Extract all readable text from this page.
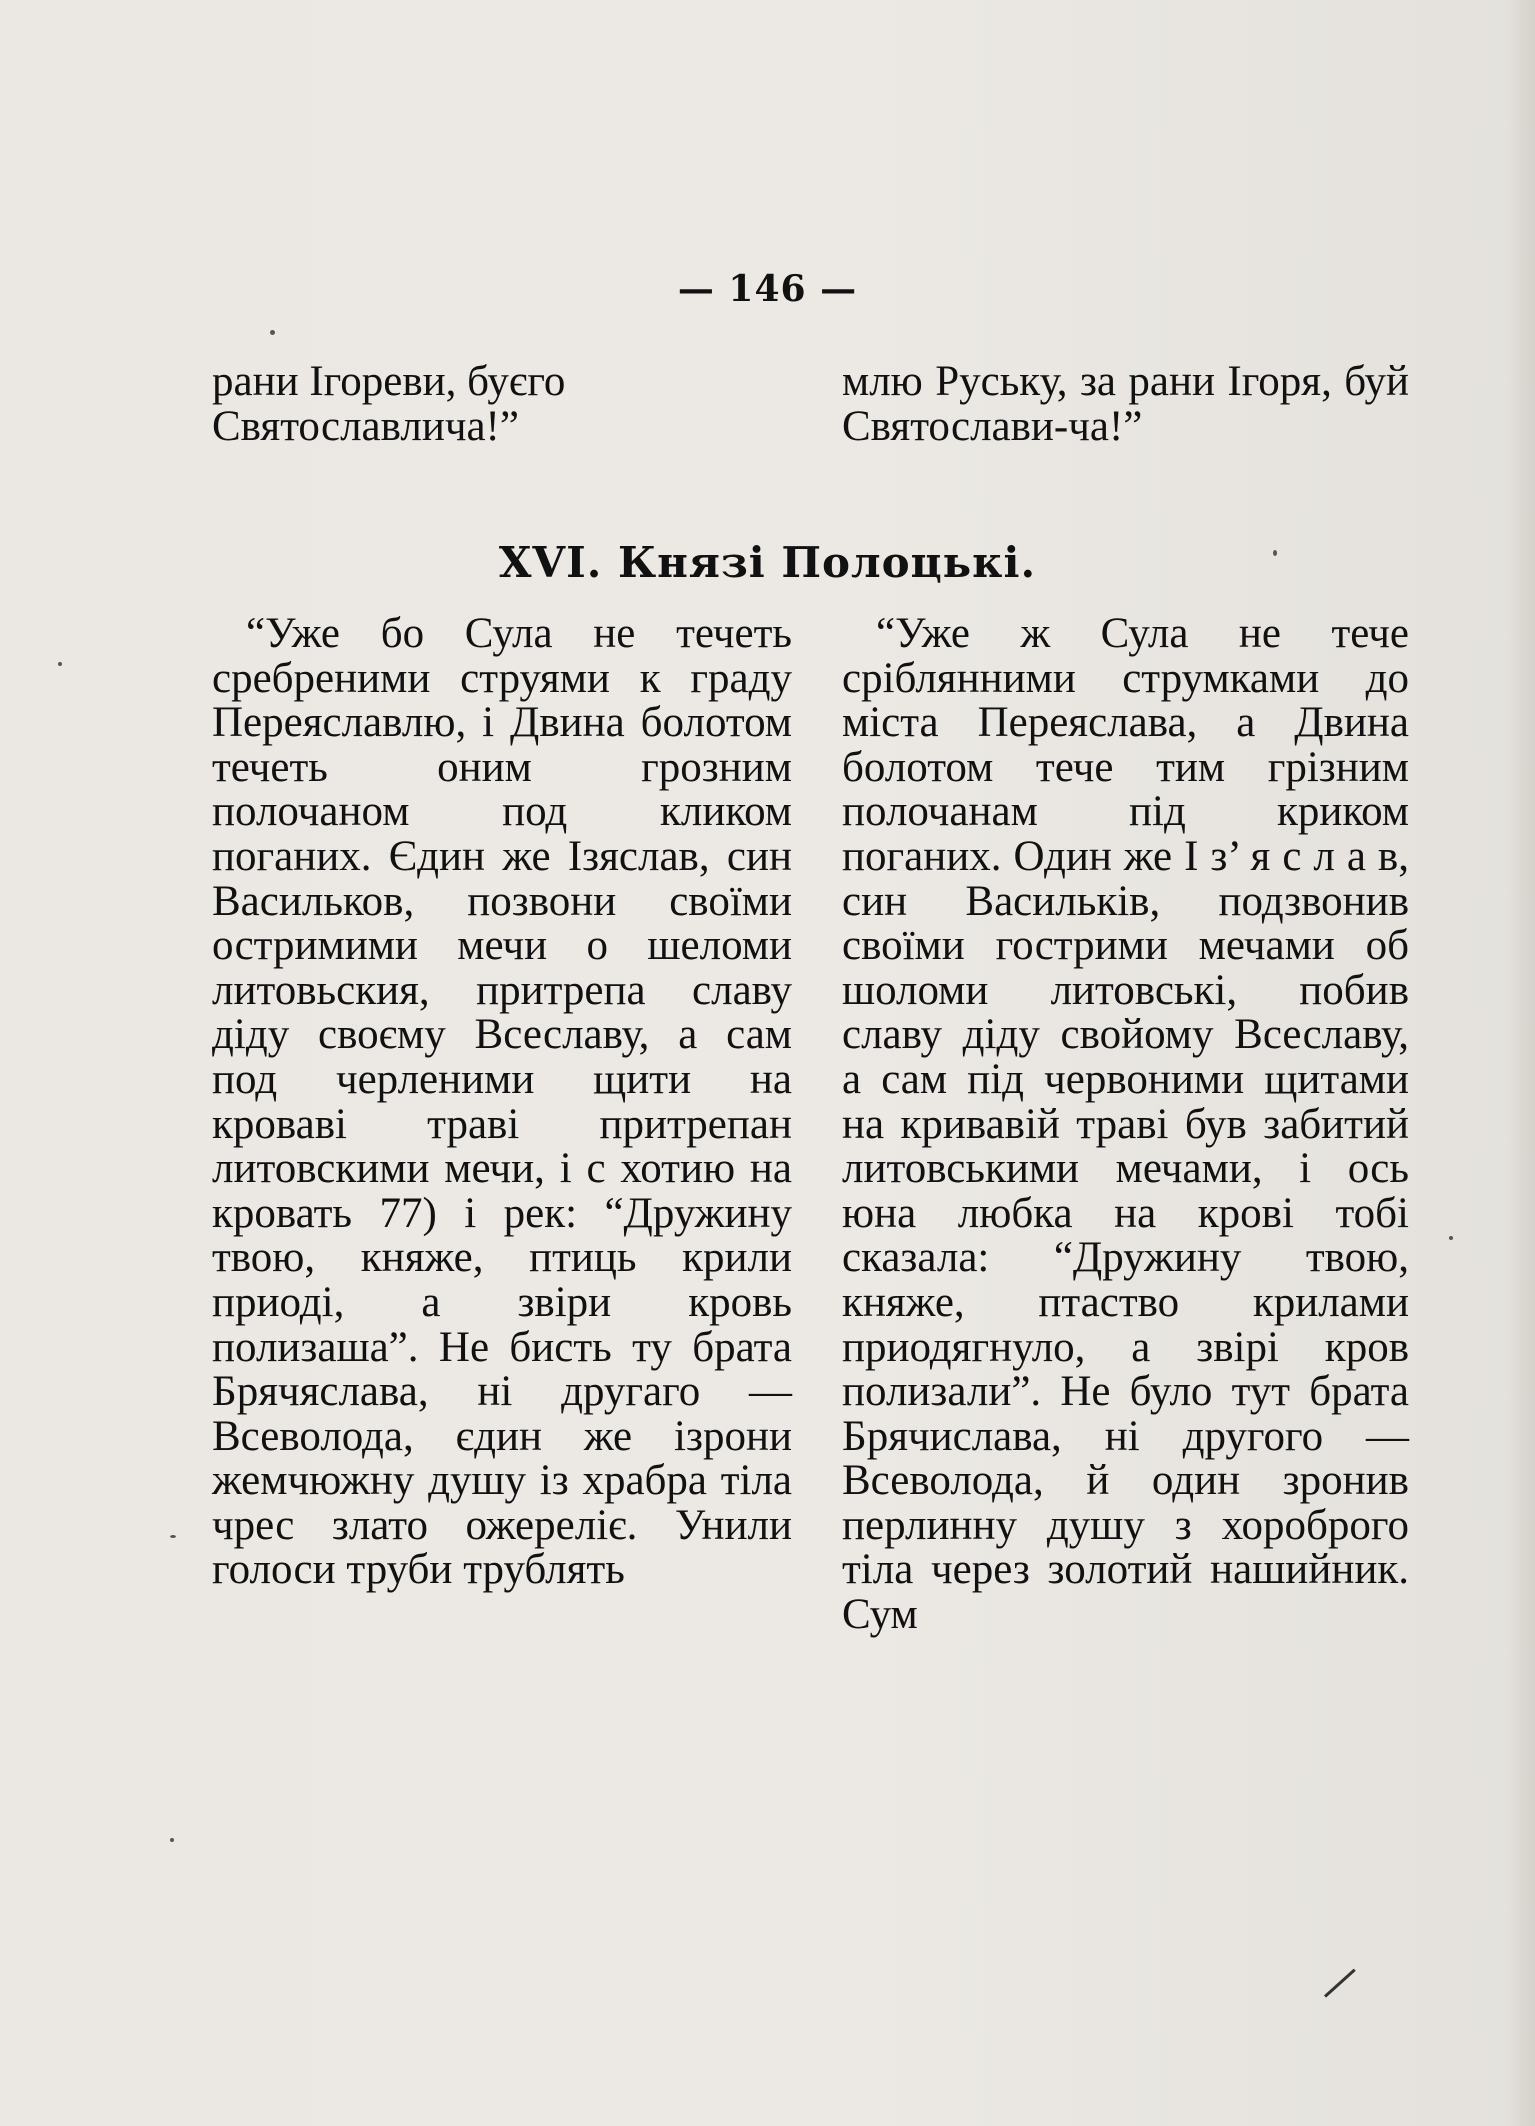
— 146 —

рани Ігореви, буєго Святославлича!”

млю Руську, за рани Ігоря, буй Святослави-ча!”

XVI. Князі Полоцькі.

“Уже бо Сула не течеть сребреними струями к граду Переяславлю, і Двина болотом течеть оним грозним полочаном под кликом поганих. Єдин же Ізяслав, син Васильков, позвони своїми остримими мечи о шеломи литовьския, притрепа славу діду своєму Всеславу, а сам под черленими щити на кроваві траві притрепан литовскими мечи, і с хотию на кровать 77) і рек: “Дружину твою, княже, птиць крили приоді, а звіри кровь полизаша”. Не бисть ту брата Брячяслава, ні другаго — Всеволода, єдин же ізрони жемчюжну душу із храбра тіла чрес злато ожереліє. Унили голоси труби трублять

“Уже ж Сула не тече сріблянними струмками до міста Переяслава, а Двина болотом тече тим грізним полочанам під криком поганих. Один же І з’ я с л а в, син Васильків, подзвонив своїми гострими мечами об шоломи литовські, побив славу діду свойому Всеславу, а сам під червоними щитами на кривавій траві був забитий литовськими мечами, і ось юна любка на крові тобі сказала: “Дружину твою, княже, птаство крилами приодягнуло, а звірі кров полизали”. Не було тут брата Брячислава, ні другого — Всеволода, й один зронив перлинну душу з хороброго тіла через золотий нашийник. Сум
